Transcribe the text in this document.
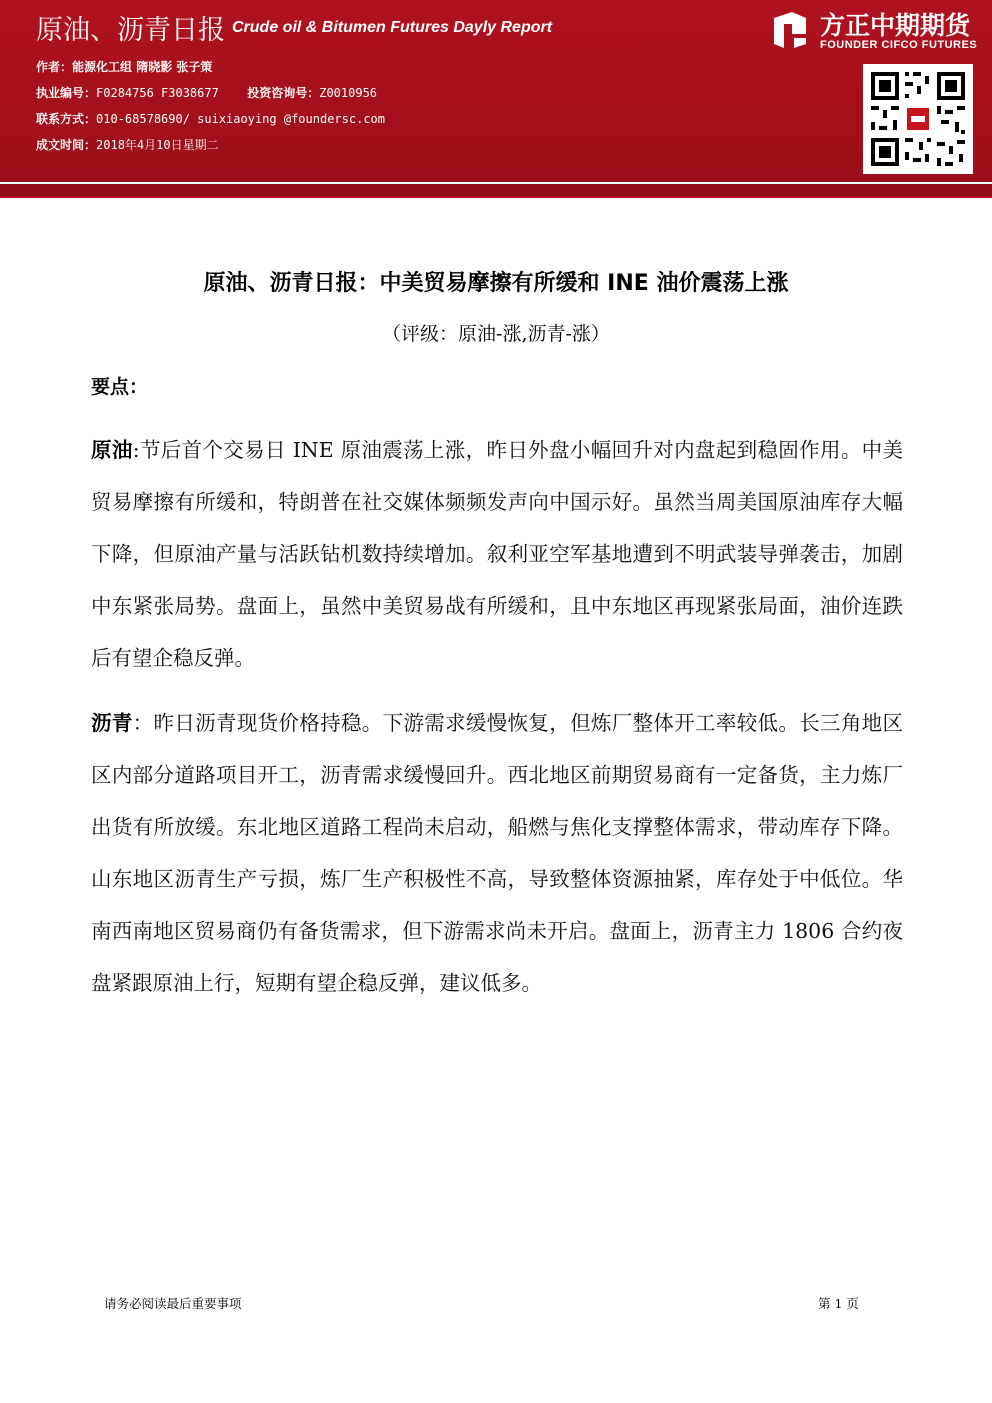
原油、沥青日报 Crude oil & Bitumen Futures Dayly Report
作者：能源化工组 隋晓影 张子策
执业编号：F0284756 F3038677 投资咨询号：Z0010956
联系方式：010-68578690/ suixiaoying @foundersc.com
成文时间：2018年4月10日星期二
方正中期期货
FOUNDER CIFCO FUTURES
原油、沥青日报：中美贸易摩擦有所缓和 INE 油价震荡上涨
（评级：原油-涨,沥青-涨）
要点：
原油:节后首个交易日 INE 原油震荡上涨，昨日外盘小幅回升对内盘起到稳固作用。中美贸易摩擦有所缓和，特朗普在社交媒体频频发声向中国示好。虽然当周美国原油库存大幅下降，但原油产量与活跃钻机数持续增加。叙利亚空军基地遭到不明武装导弹袭击，加剧中东紧张局势。盘面上，虽然中美贸易战有所缓和，且中东地区再现紧张局面，油价连跌后有望企稳反弹。
沥青：昨日沥青现货价格持稳。下游需求缓慢恢复，但炼厂整体开工率较低。长三角地区区内部分道路项目开工，沥青需求缓慢回升。西北地区前期贸易商有一定备货，主力炼厂出货有所放缓。东北地区道路工程尚未启动，船燃与焦化支撑整体需求，带动库存下降。山东地区沥青生产亏损，炼厂生产积极性不高，导致整体资源抽紧，库存处于中低位。华南西南地区贸易商仍有备货需求，但下游需求尚未开启。盘面上，沥青主力 1806 合约夜盘紧跟原油上行，短期有望企稳反弹，建议低多。
请务必阅读最后重要事项	第 1 页
